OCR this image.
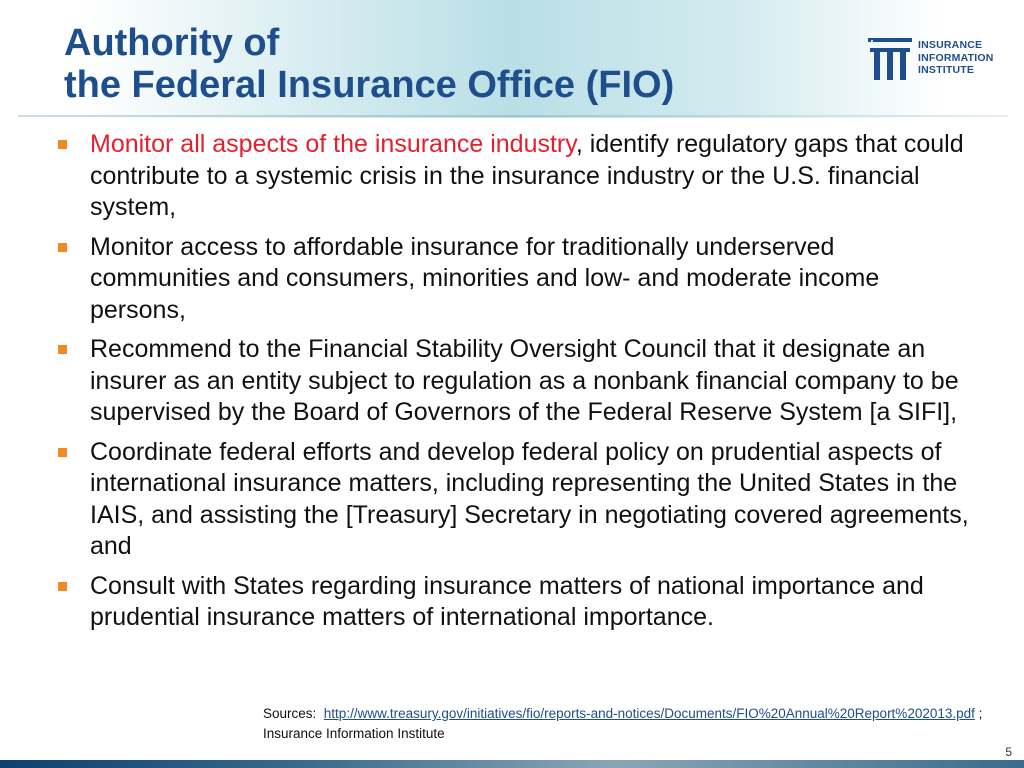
Authority of
the Federal Insurance Office (FIO)
INSURANCE
INFORMATION
INSTITUTE
Monitor all aspects of the insurance industry, identify regulatory gaps that could contribute to a systemic crisis in the insurance industry or the U.S. financial system,
Monitor access to affordable insurance for traditionally underserved communities and consumers, minorities and low- and moderate income persons,
Recommend to the Financial Stability Oversight Council that it designate an insurer as an entity subject to regulation as a nonbank financial company to be supervised by the Board of Governors of the Federal Reserve System [a SIFI],
Coordinate federal efforts and develop federal policy on prudential aspects of international insurance matters, including representing the United States in the IAIS, and assisting the [Treasury] Secretary in negotiating covered agreements, and
Consult with States regarding insurance matters of national importance and prudential insurance matters of international importance.
Sources: http://www.treasury.gov/initiatives/fio/reports-and-notices/Documents/FIO%20Annual%20Report%202013.pdf ; Insurance Information Institute
5
